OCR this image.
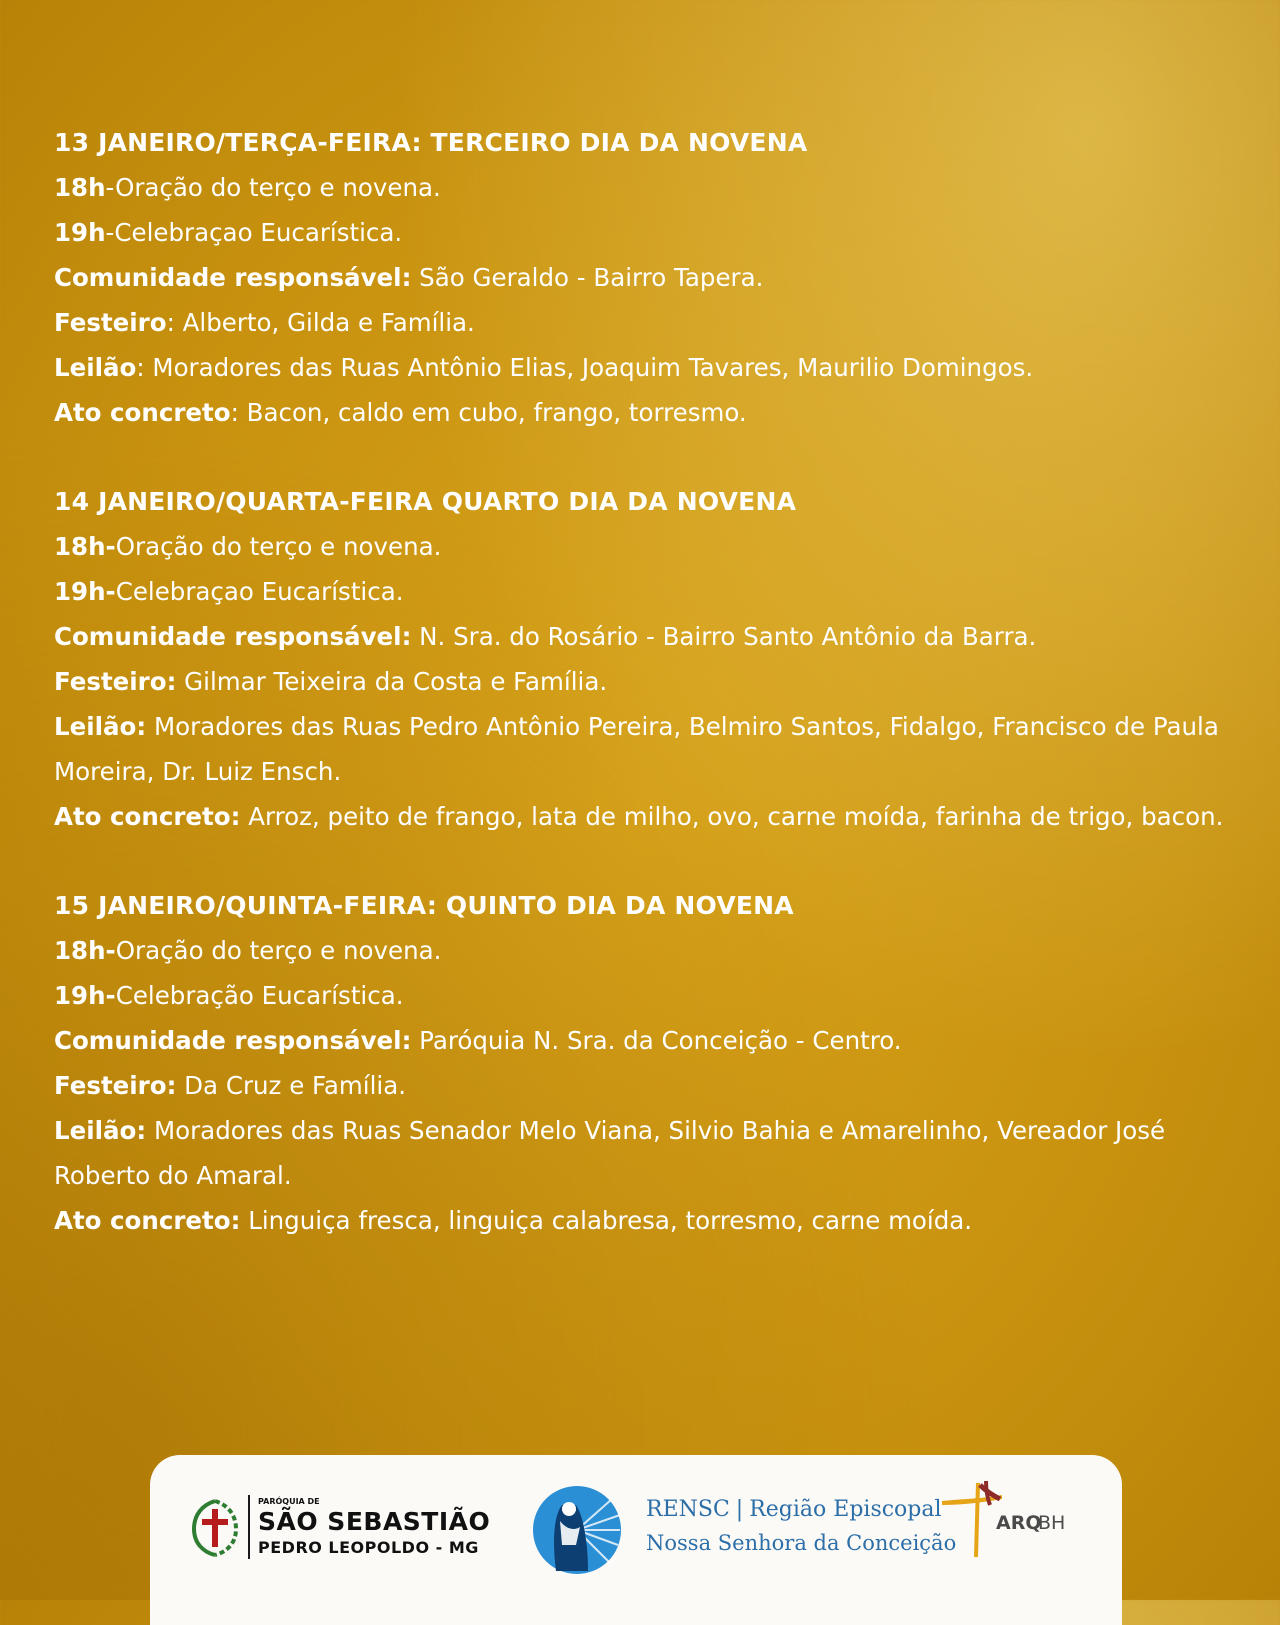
13 JANEIRO/TERÇA-FEIRA: TERCEIRO DIA DA NOVENA
18h-Oração do terço e novena.
19h-Celebraçao Eucarística.
Comunidade responsável: São Geraldo - Bairro Tapera.
Festeiro: Alberto, Gilda e Família.
Leilão: Moradores das Ruas Antônio Elias, Joaquim Tavares, Maurilio Domingos.
Ato concreto: Bacon, caldo em cubo, frango, torresmo.
14 JANEIRO/QUARTA-FEIRA QUARTO DIA DA NOVENA
18h-Oração do terço e novena.
19h-Celebraçao Eucarística.
Comunidade responsável: N. Sra. do Rosário - Bairro Santo Antônio da Barra.
Festeiro: Gilmar Teixeira da Costa e Família.
Leilão: Moradores das Ruas Pedro Antônio Pereira, Belmiro Santos, Fidalgo, Francisco de Paula Moreira, Dr. Luiz Ensch.
Ato concreto: Arroz, peito de frango, lata de milho, ovo, carne moída, farinha de trigo, bacon.
15 JANEIRO/QUINTA-FEIRA: QUINTO DIA DA NOVENA
18h-Oração do terço e novena.
19h-Celebração Eucarística.
Comunidade responsável: Paróquia N. Sra. da Conceição - Centro.
Festeiro: Da Cruz e Família.
Leilão: Moradores das Ruas Senador Melo Viana, Silvio Bahia e Amarelinho, Vereador José Roberto do Amaral.
Ato concreto: Linguiça fresca, linguiça calabresa, torresmo, carne moída.
PARÓQUIA DE
SÃO SEBASTIÃO
PEDRO LEOPOLDO - MG
RENSC | Região Episcopal
Nossa Senhora da Conceição
ARQ
BH
